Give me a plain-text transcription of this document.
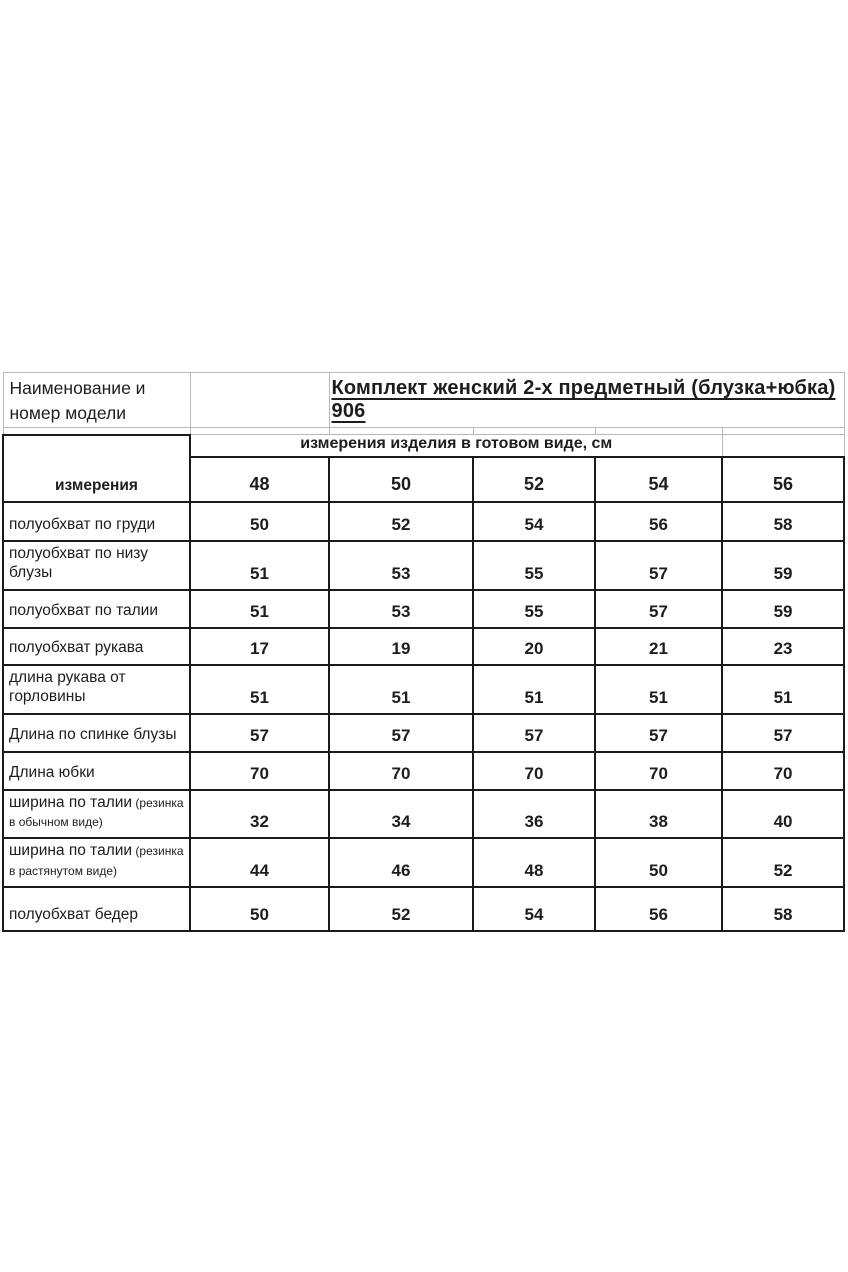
Наименование и номер модели		Комплект женский 2-х предметный (блузка+юбка) 906			

измерения	измерения изделия в готовом виде, см				
	48	50	52	54	56
полуобхват по груди	50	52	54	56	58
полуобхват по низу блузы	51	53	55	57	59
полуобхват по талии	51	53	55	57	59
полуобхват рукава	17	19	20	21	23
длина рукава от горловины	51	51	51	51	51
Длина по спинке блузы	57	57	57	57	57
Длина юбки	70	70	70	70	70
ширина по талии (резинка в обычном виде)	32	34	36	38	40
ширина по талии (резинка в растянутом виде)	44	46	48	50	52
полуобхват бедер	50	52	54	56	58
